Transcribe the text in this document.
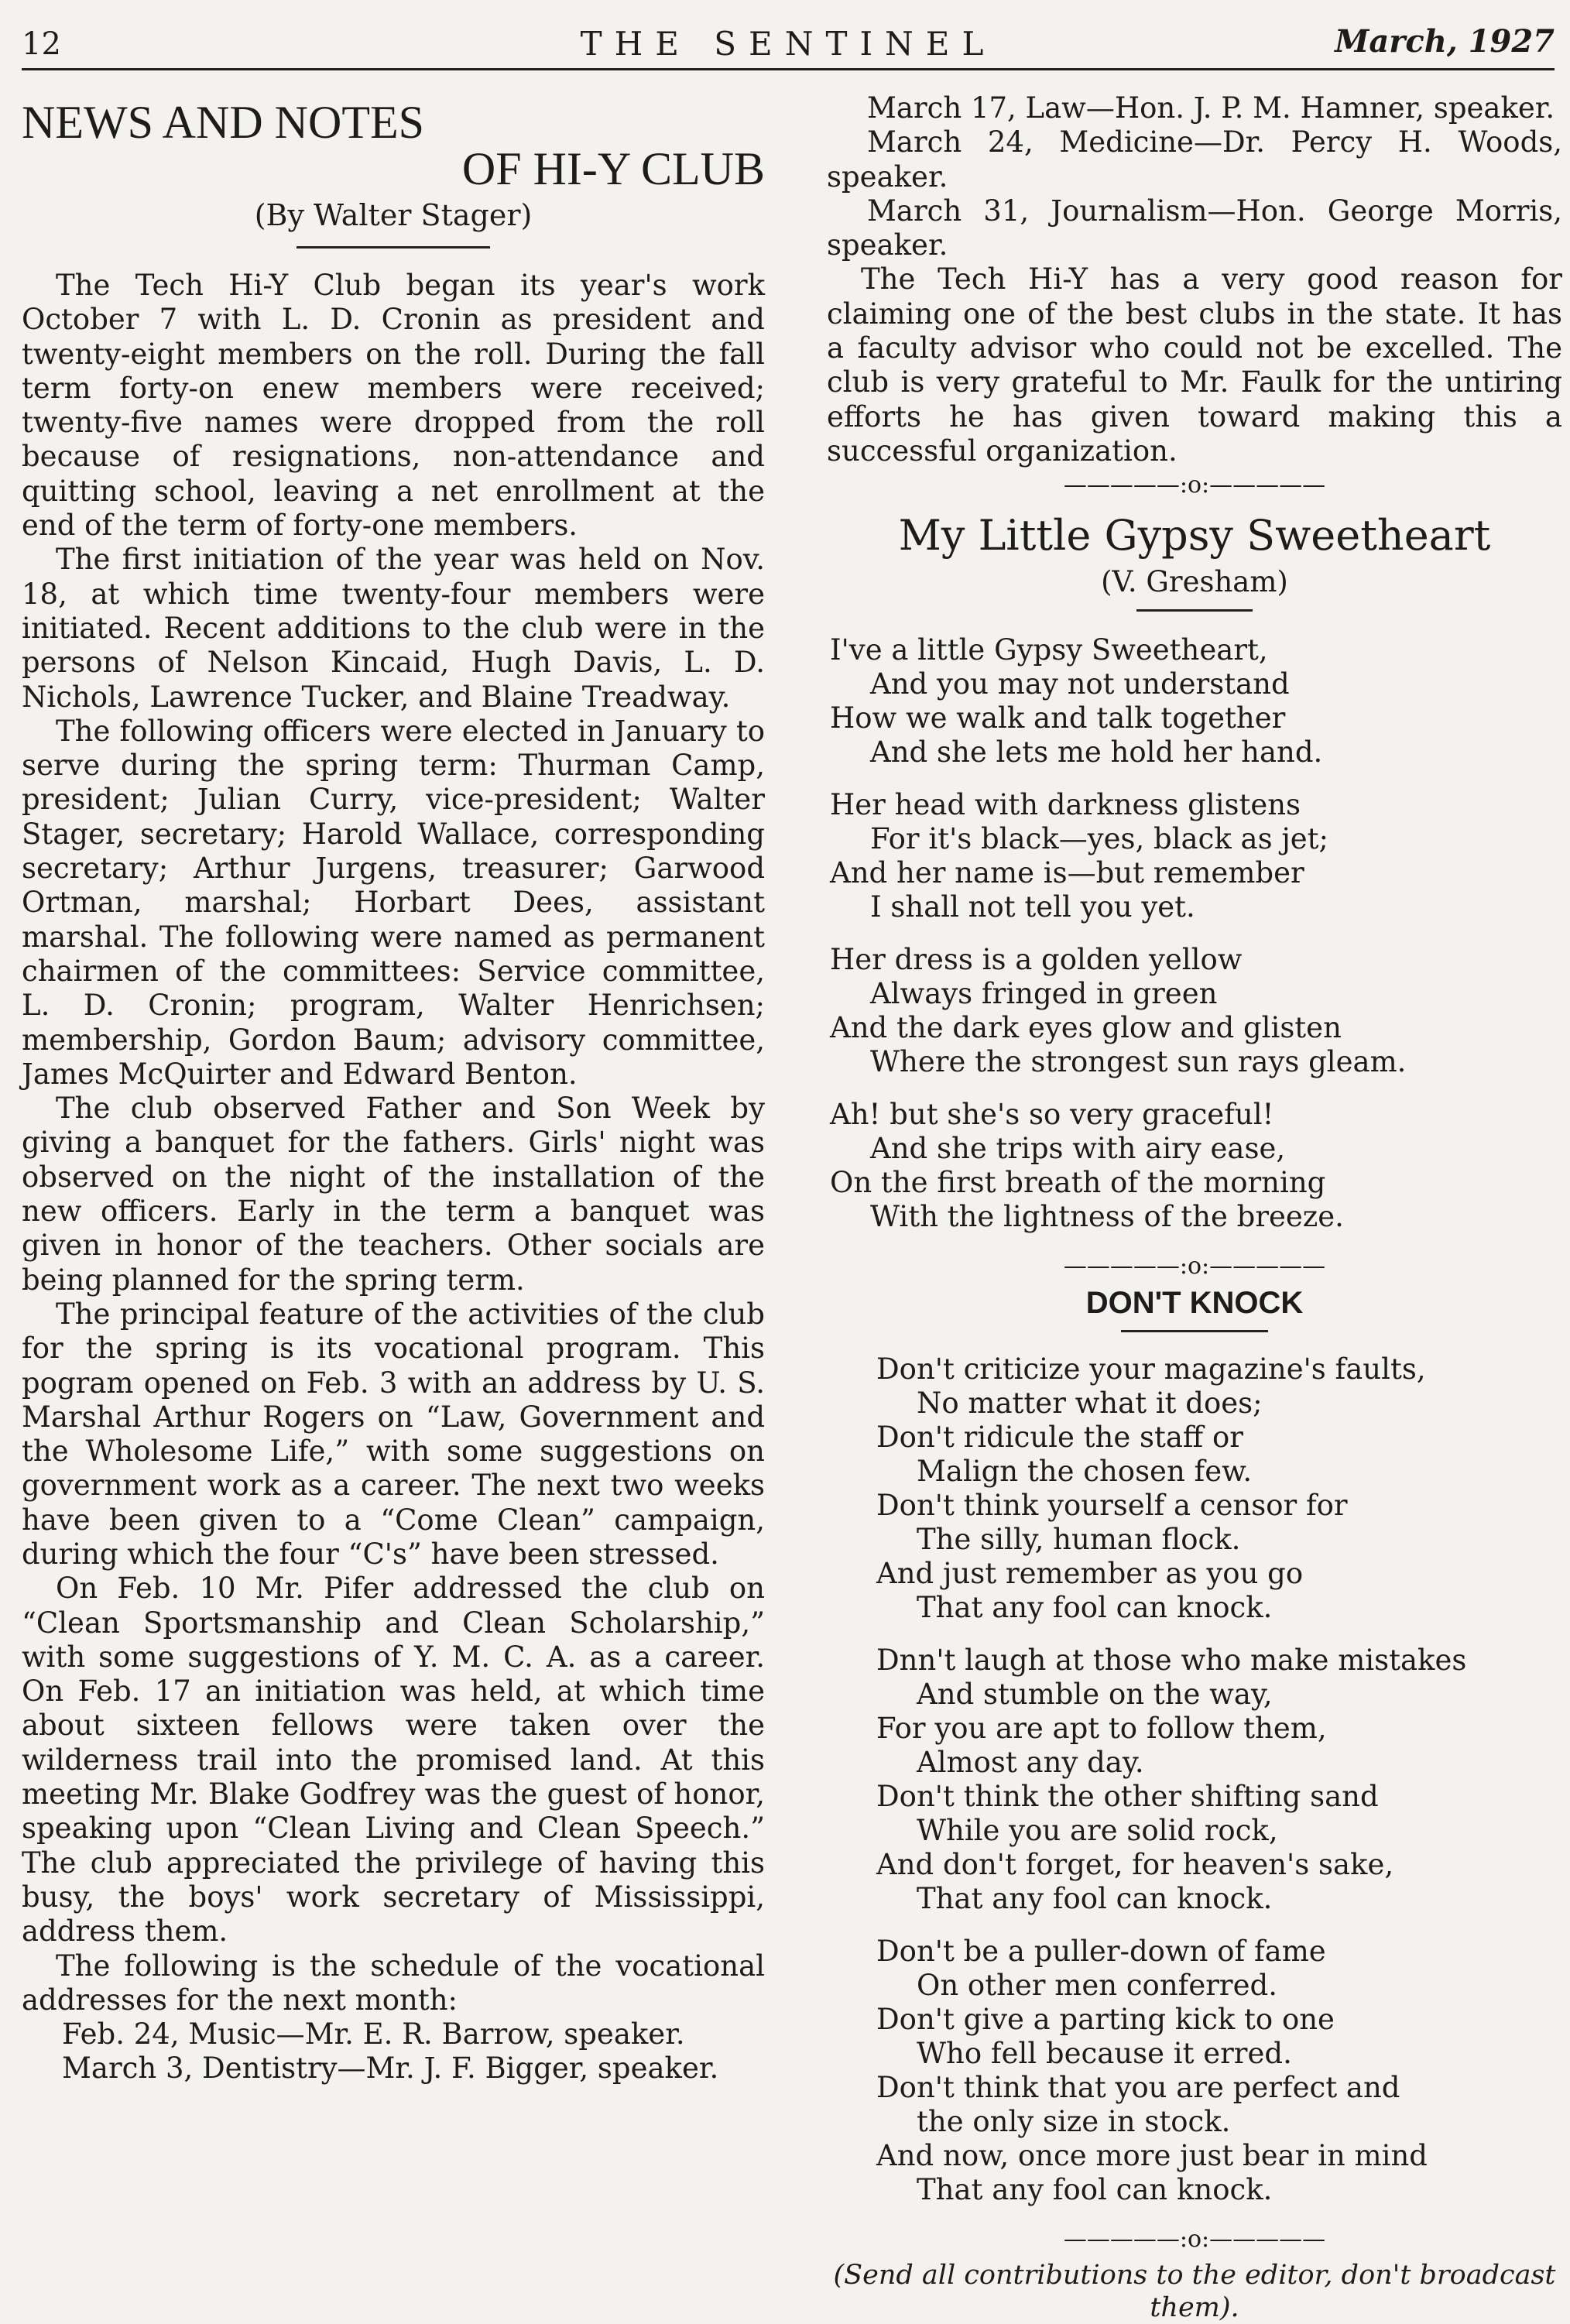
12	THE SENTINEL	March, 1927
NEWS AND NOTES
OF HI-Y CLUB
(By Walter Stager)

The Tech Hi-Y Club began its year's work October 7 with L. D. Cronin as president and twenty-eight members on the roll. During the fall term forty-on enew members were received; twenty-five names were dropped from the roll because of resignations, non-attendance and quitting school, leaving a net enrollment at the end of the term of forty-one members.

The first initiation of the year was held on Nov. 18, at which time twenty-four members were initiated. Recent additions to the club were in the persons of Nelson Kincaid, Hugh Davis, L. D. Nichols, Lawrence Tucker, and Blaine Treadway.

The following officers were elected in January to serve during the spring term: Thurman Camp, president; Julian Curry, vice-president; Walter Stager, secretary; Harold Wallace, corresponding secretary; Arthur Jurgens, treasurer; Garwood Ortman, marshal; Horbart Dees, assistant marshal. The following were named as permanent chairmen of the committees: Service committee, L. D. Cronin; program, Walter Henrichsen; membership, Gordon Baum; advisory committee, James McQuirter and Edward Benton.

The club observed Father and Son Week by giving a banquet for the fathers. Girls' night was observed on the night of the installation of the new officers. Early in the term a banquet was given in honor of the teachers. Other socials are being planned for the spring term.

The principal feature of the activities of the club for the spring is its vocational program. This pogram opened on Feb. 3 with an address by U. S. Marshal Arthur Rogers on “Law, Government and the Wholesome Life,” with some suggestions on government work as a career. The next two weeks have been given to a “Come Clean” campaign, during which the four “C's” have been stressed.

On Feb. 10 Mr. Pifer addressed the club on “Clean Sportsmanship and Clean Scholarship,” with some suggestions of Y. M. C. A. as a career. On Feb. 17 an initiation was held, at which time about sixteen fellows were taken over the wilderness trail into the promised land. At this meeting Mr. Blake Godfrey was the guest of honor, speaking upon “Clean Living and Clean Speech.” The club appreciated the privilege of having this busy, the boys' work secretary of Mississippi, address them.

The following is the schedule of the vocational addresses for the next month:

Feb. 24, Music—Mr. E. R. Barrow, speaker.

March 3, Dentistry—Mr. J. F. Bigger, speaker.

March 17, Law—Hon. J. P. M. Hamner, speaker.

March 24, Medicine—Dr. Percy H. Woods, speaker.

March 31, Journalism—Hon. George Morris, speaker.

The Tech Hi-Y has a very good reason for claiming one of the best clubs in the state. It has a faculty advisor who could not be excelled. The club is very grateful to Mr. Faulk for the untiring efforts he has given toward making this a successful organization.

—————:o:—————
My Little Gypsy Sweetheart
(V. Gresham)
I've a little Gypsy Sweetheart,
And you may not understand
How we walk and talk together
And she lets me hold her hand.
Her head with darkness glistens
For it's black—yes, black as jet;
And her name is—but remember
I shall not tell you yet.
Her dress is a golden yellow
Always fringed in green
And the dark eyes glow and glisten
Where the strongest sun rays gleam.
Ah! but she's so very graceful!
And she trips with airy ease,
On the first breath of the morning
With the lightness of the breeze.
—————:o:—————
DON'T KNOCK
Don't criticize your magazine's faults,
No matter what it does;
Don't ridicule the staff or
Malign the chosen few.
Don't think yourself a censor for
The silly, human flock.
And just remember as you go
That any fool can knock.
Dnn't laugh at those who make mistakes
And stumble on the way,
For you are apt to follow them,
Almost any day.
Don't think the other shifting sand
While you are solid rock,
And don't forget, for heaven's sake,
That any fool can knock.
Don't be a puller-down of fame
On other men conferred.
Don't give a parting kick to one
Who fell because it erred.
Don't think that you are perfect and
the only size in stock.
And now, once more just bear in mind
That any fool can knock.
—————:o:—————
(Send all contributions to the editor, don't broadcast them).
